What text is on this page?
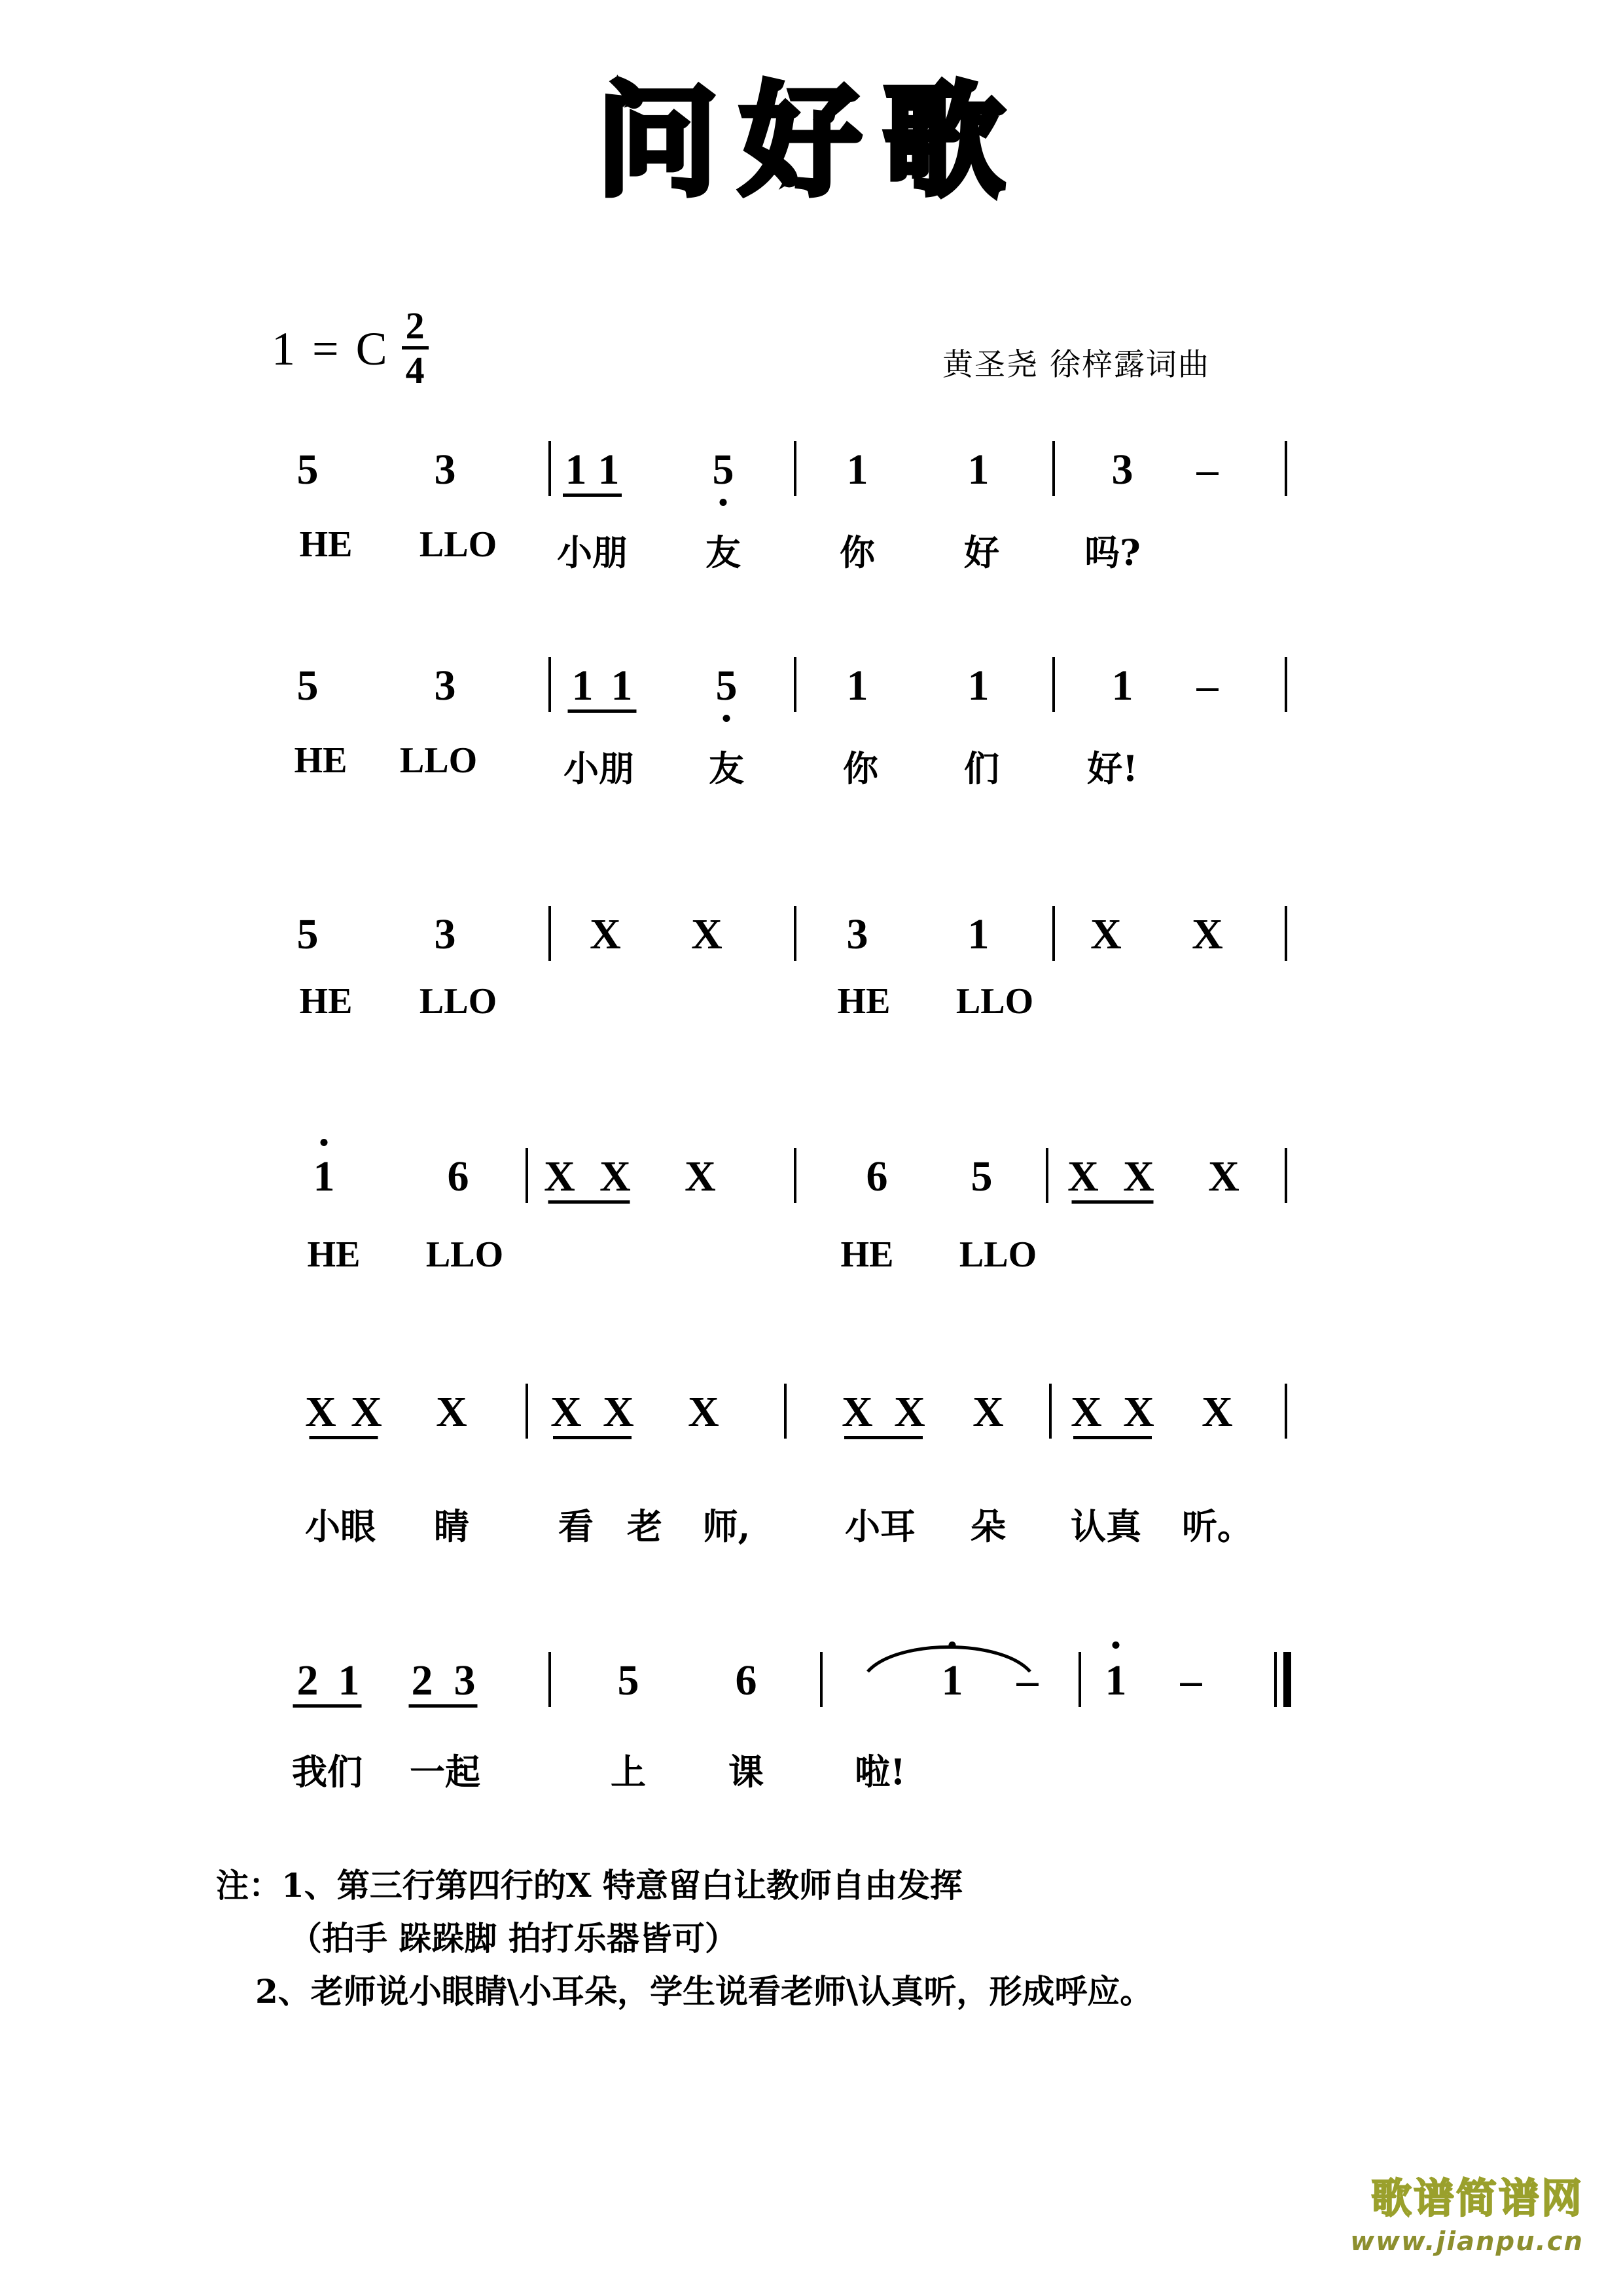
问好歌
1 = C $\frac{2}{4}$	黄圣尧 徐梓露词曲
5	3	1 1 5	1 1	3 –
HE LLO 小朋 友	你	好 吗?
5	3	1 1 5	1 1	1 –
HE LLO 小朋 友	你 们 好!
5	3	X X	3 1 X X
HE LLO	HE LLO
1	6 X X X	6 5 X X X
HE LLO	HE LLO
X X X X X X	X X X X X X
小眼 睛	看 老 师,	小耳 朵 认真 听。
2 1 2 3	5 6	1 – 1 –
我们 一起	上 课	啦!
注：1、第三行第四行的X 特意留白让教师自由发挥
（拍手 跺跺脚 拍打乐器皆可）
2、老师说小眼睛\小耳朵，学生说看老师\认真听，形成呼应。
歌谱简谱网
www.jianpu.cn
